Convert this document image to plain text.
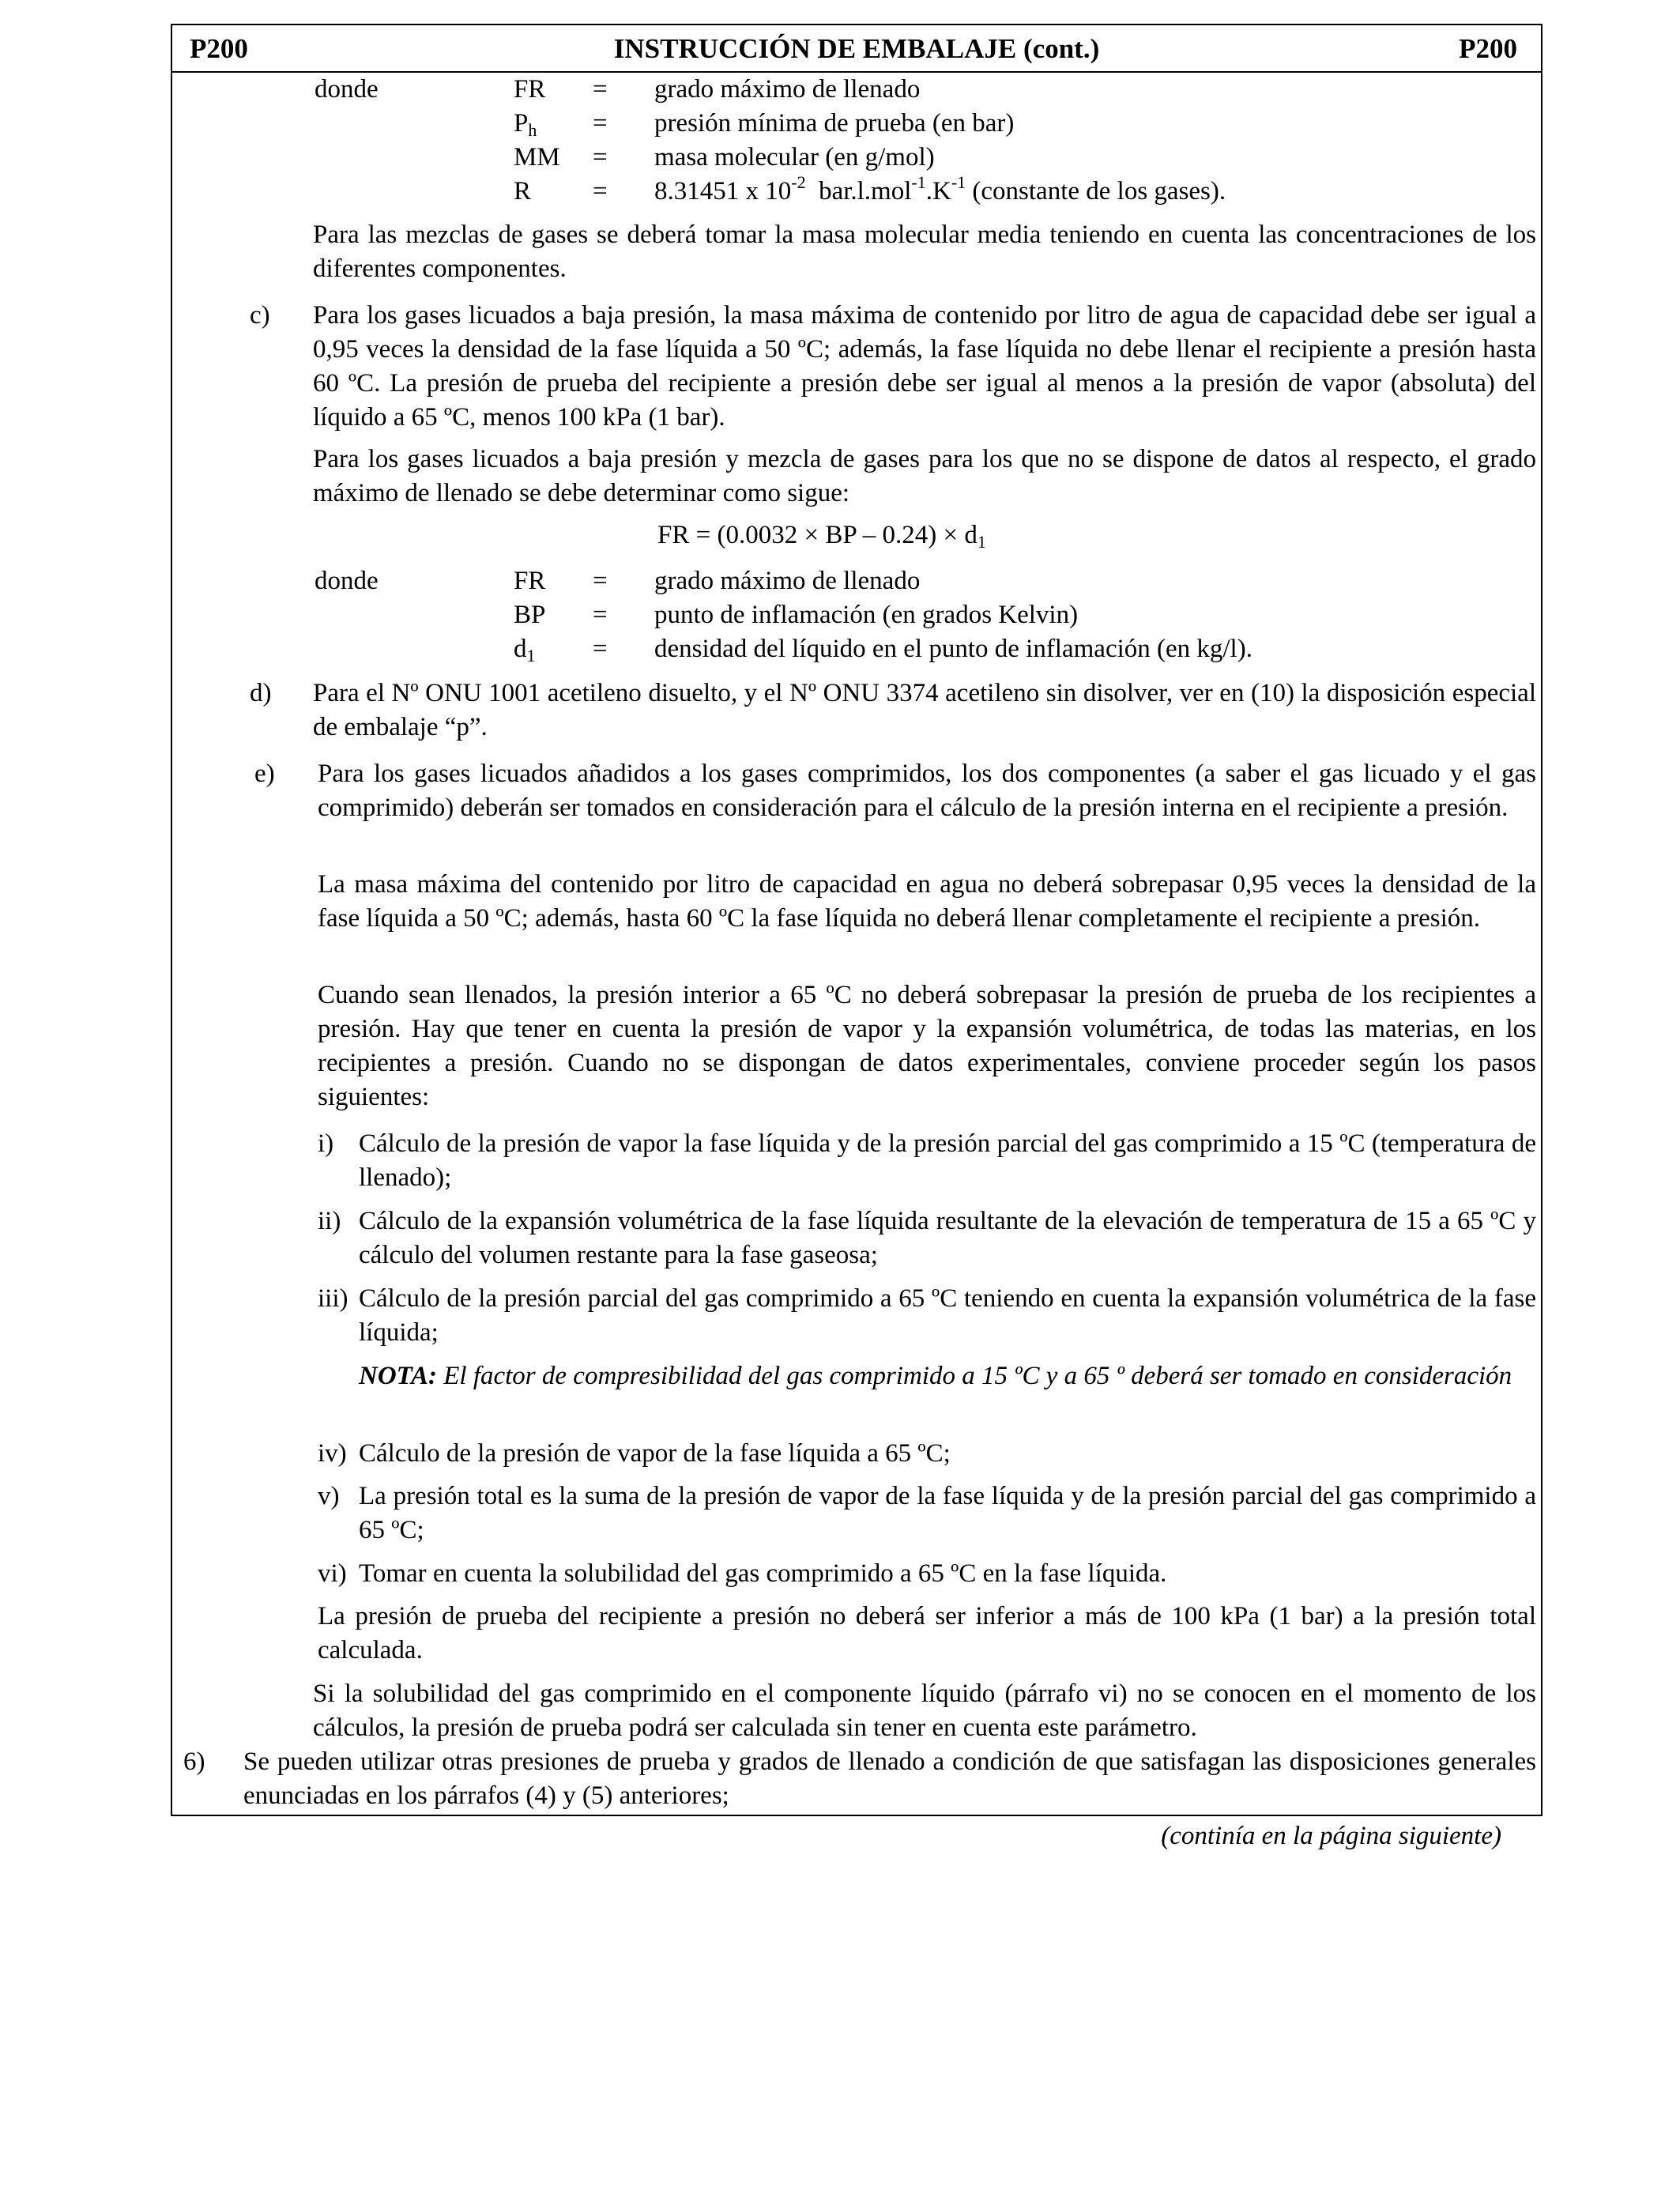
P200	INSTRUCCIÓN DE EMBALAJE (cont.)	P200
donde	FR = grado máximo de llenado
$P_h$ = presión mínima de prueba (en bar)
MM = masa molecular (en g/mol)
R = 8.31451 x $10^{-2}$ $bar.l.mol^{-1}.K^{-1}$ (constante de los gases).

Para las mezclas de gases se deberá tomar la masa molecular media teniendo en cuenta las concentraciones de los diferentes componentes.

c) Para los gases licuados a baja presión, la masa máxima de contenido por litro de agua de capacidad debe ser igual a 0,95 veces la densidad de la fase líquida a 50 ºC; además, la fase líquida no debe llenar el recipiente a presión hasta 60 ºC. La presión de prueba del recipiente a presión debe ser igual al menos a la presión de vapor (absoluta) del líquido a 65 ºC, menos 100 kPa (1 bar).

Para los gases licuados a baja presión y mezcla de gases para los que no se dispone de datos al respecto, el grado máximo de llenado se debe determinar como sigue:

FR = (0.0032 × BP – $0.24) \times d_1$
donde	FR = grado máximo de llenado
BP = punto de inflamación (en grados Kelvin)
$d_1$ = densidad del líquido en el punto de inflamación (en kg/l).
d) Para el Nº ONU 1001 acetileno disuelto, y el Nº ONU 3374 acetileno sin disolver, ver en (10) la disposición especial de embalaje “p”.

e) Para los gases licuados añadidos a los gases comprimidos, los dos componentes (a saber el gas licuado y el gas comprimido) deberán ser tomados en consideración para el cálculo de la presión interna en el recipiente a presión.

La masa máxima del contenido por litro de capacidad en agua no deberá sobrepasar 0,95 veces la densidad de la fase líquida a 50 ºC; además, hasta 60 ºC la fase líquida no deberá llenar completamente el recipiente a presión.

Cuando sean llenados, la presión interior a 65 ºC no deberá sobrepasar la presión de prueba de los recipientes a presión. Hay que tener en cuenta la presión de vapor y la expansión volumétrica, de todas las materias, en los recipientes a presión. Cuando no se dispongan de datos experimentales, conviene proceder según los pasos siguientes:

i) Cálculo de la presión de vapor la fase líquida y de la presión parcial del gas comprimido a 15 ºC (temperatura de llenado);

ii) Cálculo de la expansión volumétrica de la fase líquida resultante de la elevación de temperatura de 15 a 65 ºC y cálculo del volumen restante para la fase gaseosa;

iii) Cálculo de la presión parcial del gas comprimido a 65 ºC teniendo en cuenta la expansión volumétrica de la fase líquida;

NOTA: El factor de compresibilidad del gas comprimido a 15 ºC y a 65 º deberá ser tomado en consideración

iv) Cálculo de la presión de vapor de la fase líquida a 65 ºC;

v) La presión total es la suma de la presión de vapor de la fase líquida y de la presión parcial del gas comprimido a 65 ºC;

vi) Tomar en cuenta la solubilidad del gas comprimido a 65 ºC en la fase líquida.

La presión de prueba del recipiente a presión no deberá ser inferior a más de 100 kPa (1 bar) a la presión total calculada.

Si la solubilidad del gas comprimido en el componente líquido (párrafo vi) no se conocen en el momento de los cálculos, la presión de prueba podrá ser calculada sin tener en cuenta este parámetro.

6) Se pueden utilizar otras presiones de prueba y grados de llenado a condición de que satisfagan las disposiciones generales enunciadas en los párrafos (4) y (5) anteriores;

(continía en la página siguiente)
